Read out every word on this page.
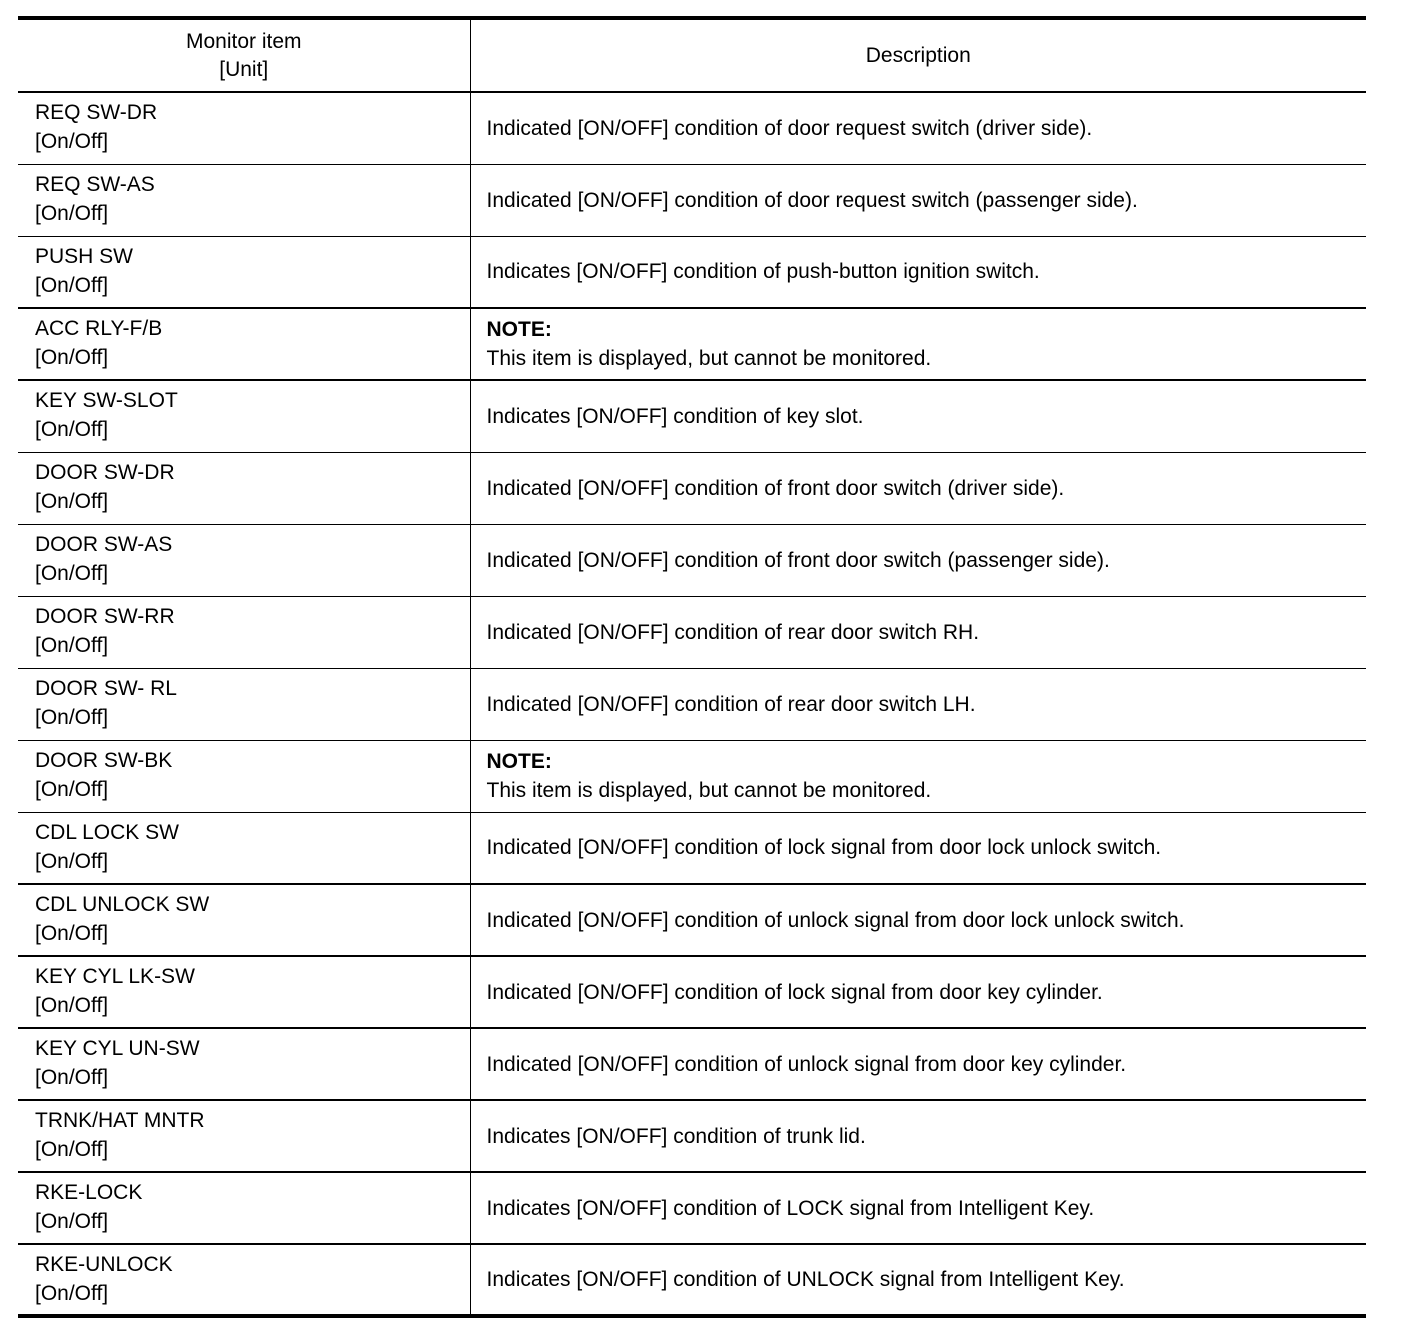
Monitor item
[Unit]	Description

REQ SW-DR
[On/Off]	Indicated [ON/OFF] condition of door request switch (driver side).

REQ SW-AS
[On/Off]	Indicated [ON/OFF] condition of door request switch (passenger side).

PUSH SW
[On/Off]	Indicates [ON/OFF] condition of push-button ignition switch.

ACC RLY-F/B
[On/Off]	NOTE:
This item is displayed, but cannot be monitored.

KEY SW-SLOT
[On/Off]	Indicates [ON/OFF] condition of key slot.

DOOR SW-DR
[On/Off]	Indicated [ON/OFF] condition of front door switch (driver side).

DOOR SW-AS
[On/Off]	Indicated [ON/OFF] condition of front door switch (passenger side).

DOOR SW-RR
[On/Off]	Indicated [ON/OFF] condition of rear door switch RH.

DOOR SW- RL
[On/Off]	Indicated [ON/OFF] condition of rear door switch LH.

DOOR SW-BK
[On/Off]	NOTE:
This item is displayed, but cannot be monitored.

CDL LOCK SW
[On/Off]	Indicated [ON/OFF] condition of lock signal from door lock unlock switch.

CDL UNLOCK SW
[On/Off]	Indicated [ON/OFF] condition of unlock signal from door lock unlock switch.

KEY CYL LK-SW
[On/Off]	Indicated [ON/OFF] condition of lock signal from door key cylinder.

KEY CYL UN-SW
[On/Off]	Indicated [ON/OFF] condition of unlock signal from door key cylinder.

TRNK/HAT MNTR
[On/Off]	Indicates [ON/OFF] condition of trunk lid.

RKE-LOCK
[On/Off]	Indicates [ON/OFF] condition of LOCK signal from Intelligent Key.

RKE-UNLOCK
[On/Off]	Indicates [ON/OFF] condition of UNLOCK signal from Intelligent Key.
